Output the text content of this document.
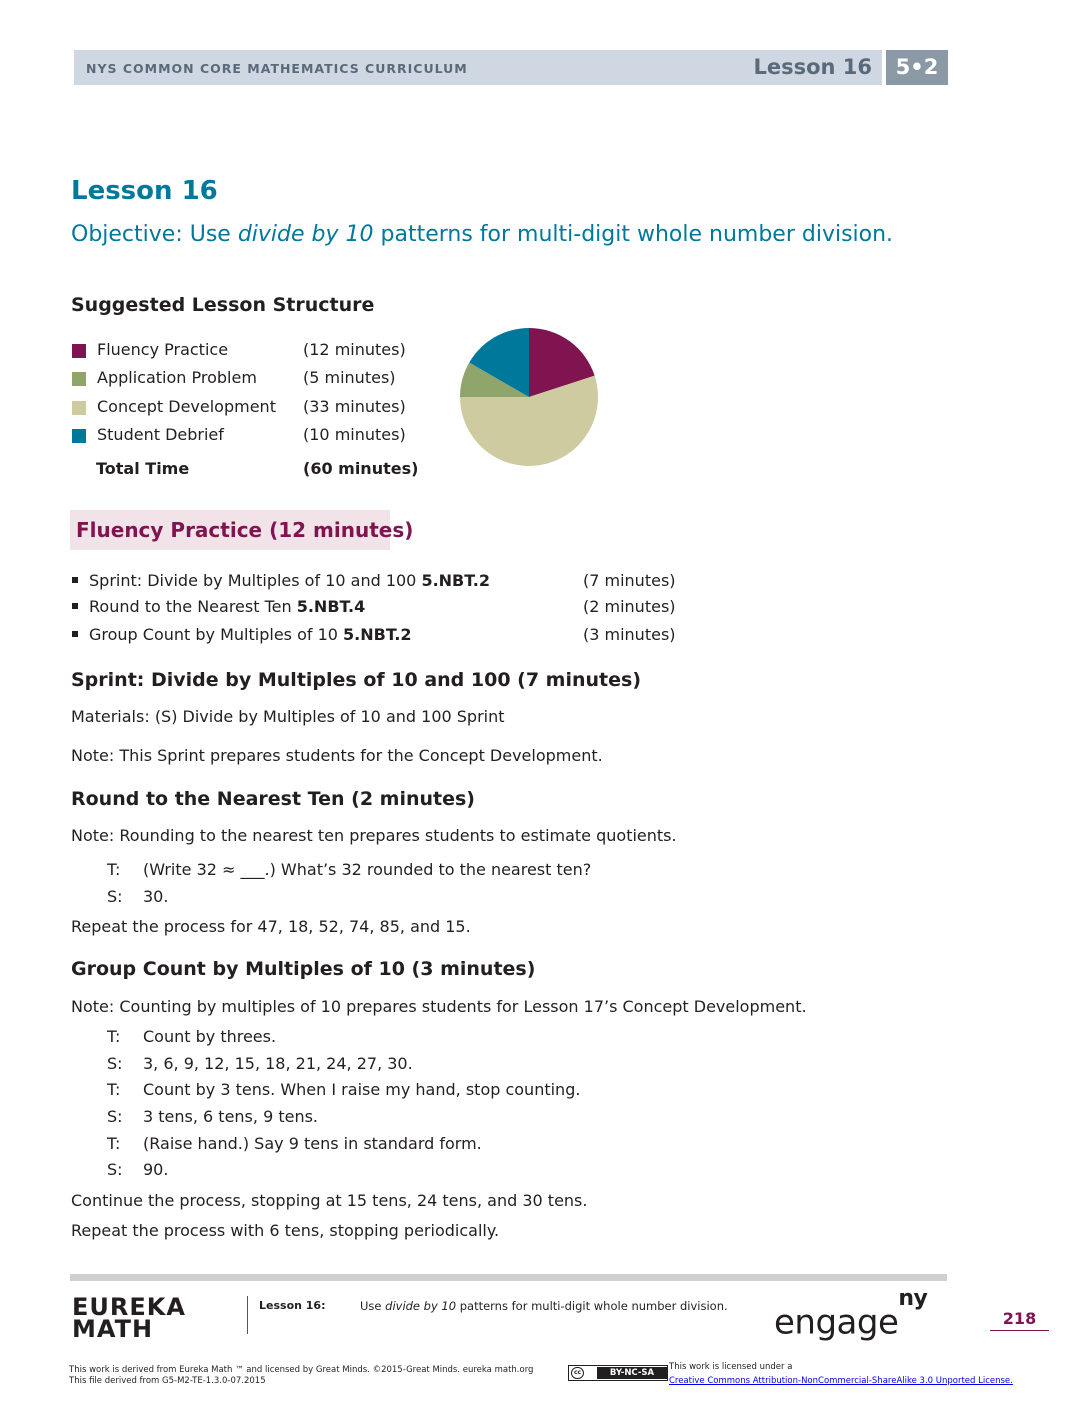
NYS COMMON CORE MATHEMATICS CURRICULUM	Lesson 16	5•2
Lesson 16
Objective: Use divide by 10 patterns for multi-digit whole number division.
Suggested Lesson Structure
Fluency Practice	(12 minutes)
Application Problem	(5 minutes)
Concept Development (33 minutes)
Student Debrief	(10 minutes)
Total Time	(60 minutes)
Fluency Practice (12 minutes)
Sprint: Divide by Multiples of 10 and 100 5.NBT.2	(7 minutes)
Round to the Nearest Ten 5.NBT.4	(2 minutes)
Group Count by Multiples of 10 5.NBT.2	(3 minutes)
Sprint: Divide by Multiples of 10 and 100 (7 minutes)
Materials: (S) Divide by Multiples of 10 and 100 Sprint
Note: This Sprint prepares students for the Concept Development.
Round to the Nearest Ten (2 minutes)
Note: Rounding to the nearest ten prepares students to estimate quotients.
T: (Write 32 ≈ ___.) What’s 32 rounded to the nearest ten?
S: 30.
Repeat the process for 47, 18, 52, 74, 85, and 15.
Group Count by Multiples of 10 (3 minutes)
Note: Counting by multiples of 10 prepares students for Lesson 17’s Concept Development.
T: Count by threes.
S: 3, 6, 9, 12, 15, 18, 21, 24, 27, 30.
T: Count by 3 tens. When I raise my hand, stop counting.
S: 3 tens, 6 tens, 9 tens.
T: (Raise hand.) Say 9 tens in standard form.
S: 90.
Continue the process, stopping at 15 tens, 24 tens, and 30 tens.
Repeat the process with 6 tens, stopping periodically.
EUREKA
MATH
Lesson 16:	Use divide by 10 patterns for multi-digit whole number division. engage$^{ny}$
218
This work is derived from Eureka Math ™ and licensed by Great Minds. ©2015-Great Minds. eureka math.org
This file derived from G5-M2-TE-1.3.0-07.2015
cc	BY-NC-SA
This work is licensed under a
Creative Commons Attribution-NonCommercial-ShareAlike 3.0 Unported License.
